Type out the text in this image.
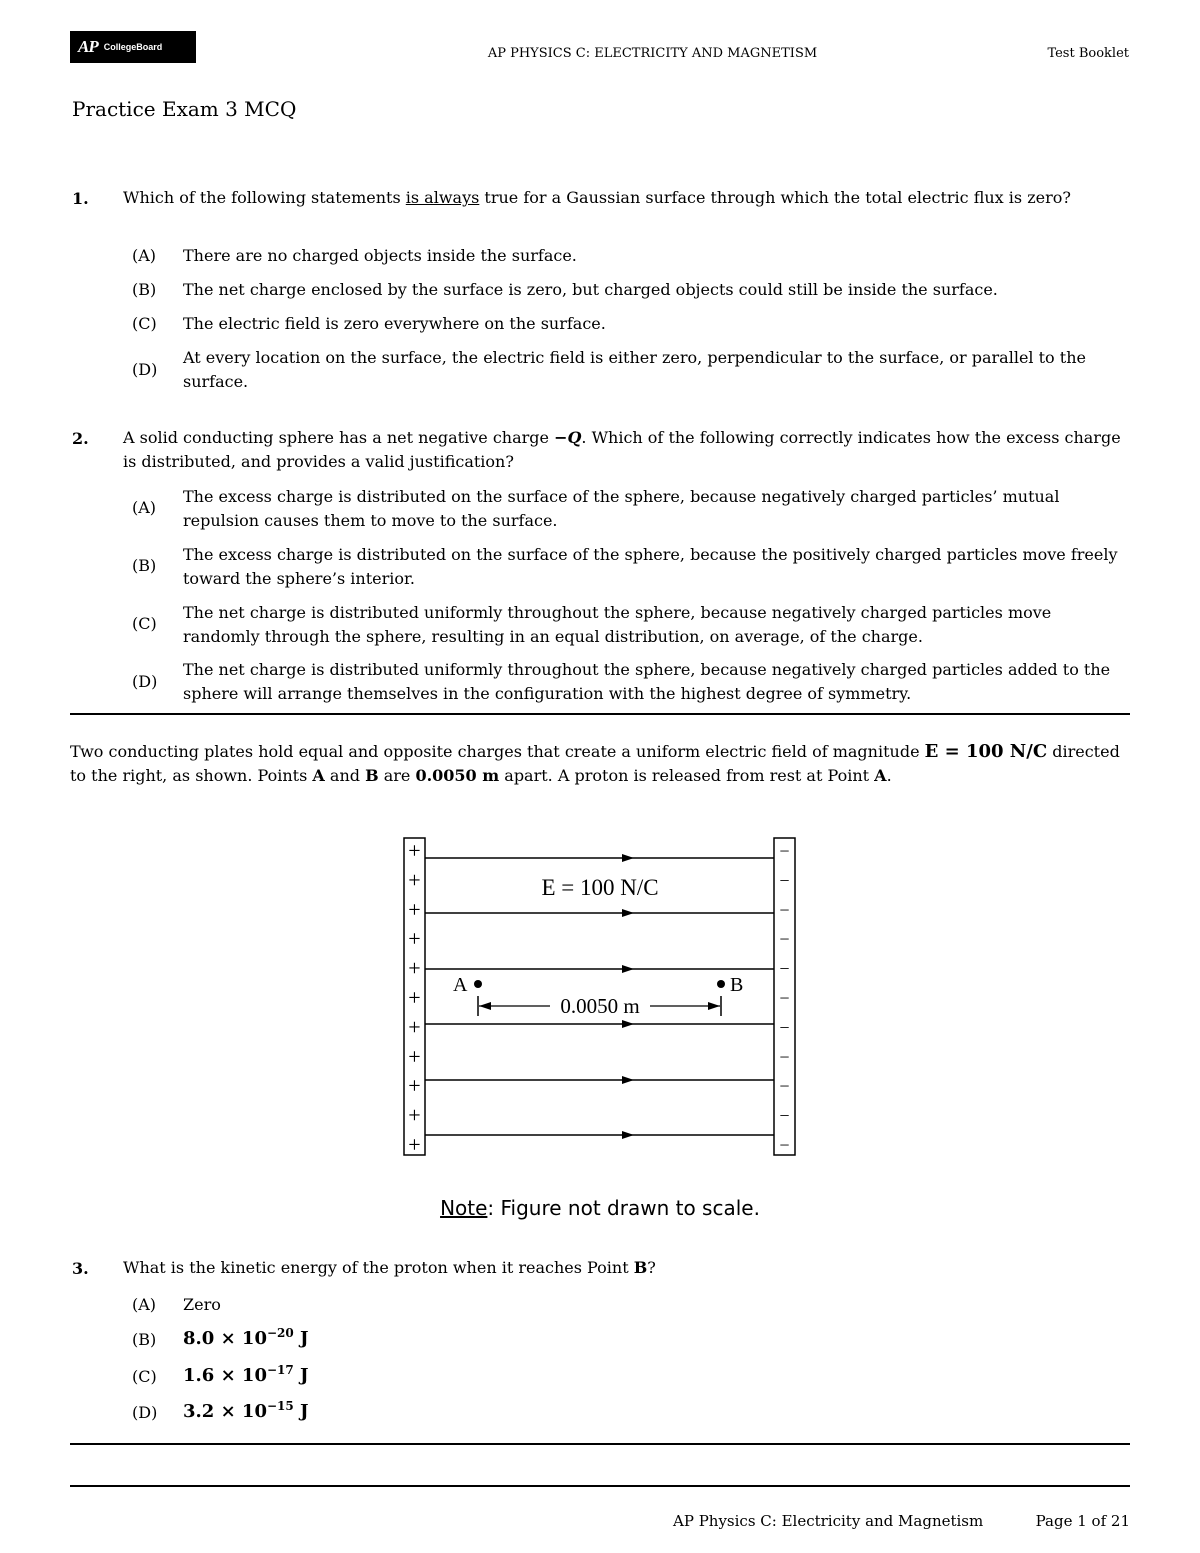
AP CollegeBoard	AP PHYSICS C: ELECTRICITY AND MAGNETISM	Test Booklet
Practice Exam 3 MCQ
1. Which of the following statements is always true for a Gaussian surface through which the total electric flux is zero?
(A) There are no charged objects inside the surface.
(B) The net charge enclosed by the surface is zero, but charged objects could still be inside the surface.
(C) The electric field is zero everywhere on the surface.
(D)
At every location on the surface, the electric field is either zero, perpendicular to the surface, or parallel to the surface.
2. A solid conducting sphere has a net negative charge −Q. Which of the following correctly indicates how the excess charge is distributed, and provides a valid justification?
(A)
The excess charge is distributed on the surface of the sphere, because negatively charged particles’ mutual repulsion causes them to move to the surface.
(B)
The excess charge is distributed on the surface of the sphere, because the positively charged particles move freely toward the sphere’s interior.
(C)
The net charge is distributed uniformly throughout the sphere, because negatively charged particles move randomly through the sphere, resulting in an equal distribution, on average, of the charge.
(D)
The net charge is distributed uniformly throughout the sphere, because negatively charged particles added to the sphere will arrange themselves in the configuration with the highest degree of symmetry.
Two conducting plates hold equal and opposite charges that create a uniform electric field of magnitude E = 100 N/C directed to the right, as shown. Points A and B are 0.0050 m apart. A proton is released from rest at Point A.
+
+
+
+
+
+
+
+
+
+
+
−
−
−
−
−
−
−
−
−
−
−
E = 100 N/C
A	B
0.0050 m
Note: Figure not drawn to scale.
3. What is the kinetic energy of the proton when it reaches Point B?
(A) Zero
(B) $8.0 \times 10^{-20}$ J
(C) $1.6 \times 10^{-17}$ J
(D) $3.2 \times 10^{-15}$ J
AP Physics C: Electricity and Magnetism	Page 1 of 21
